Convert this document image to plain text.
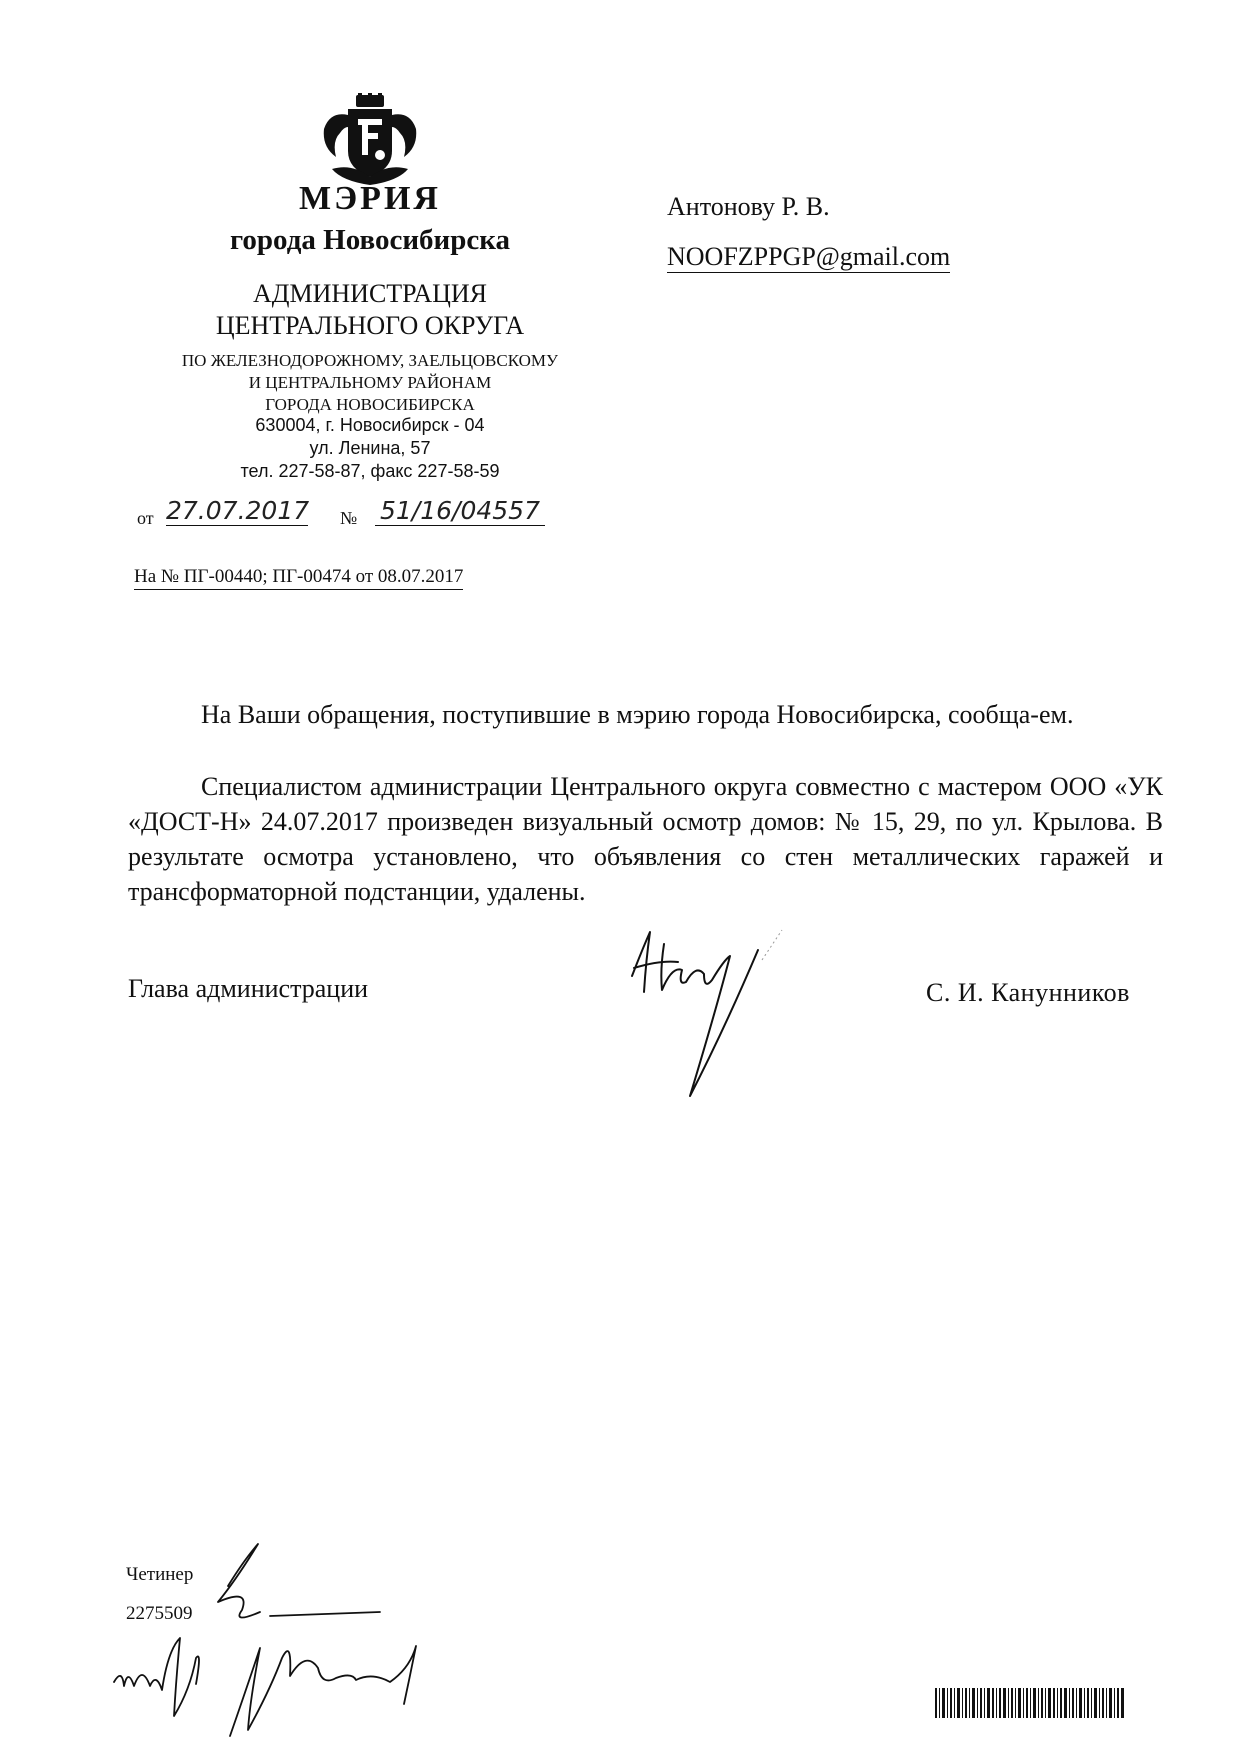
МЭРИЯ
города Новосибирска
АДМИНИСТРАЦИЯ
ЦЕНТРАЛЬНОГО ОКРУГА
ПО ЖЕЛЕЗНОДОРОЖНОМУ, ЗАЕЛЬЦОВСКОМУ
И ЦЕНТРАЛЬНОМУ РАЙОНАМ
ГОРОДА НОВОСИБИРСКА
630004, г. Новосибирск - 04
ул. Ленина, 57
тел. 227-58-87, факс 227-58-59
от 27.07.2017 № 51/16/04557
На № ПГ-00440; ПГ-00474 от 08.07.2017
Антонову Р. В.
NOOFZPPGP@gmail.com
На Ваши обращения, поступившие в мэрию города Новосибирска, сообща-ем.
Специалистом администрации Центрального округа совместно с мастером ООО «УК «ДОСТ-Н» 24.07.2017 произведен визуальный осмотр домов: № 15, 29, по ул. Крылова. В результате осмотра установлено, что объявления со стен металлических гаражей и трансформаторной подстанции, удалены.
Глава администрации	С. И. Канунников
Четинер
2275509
